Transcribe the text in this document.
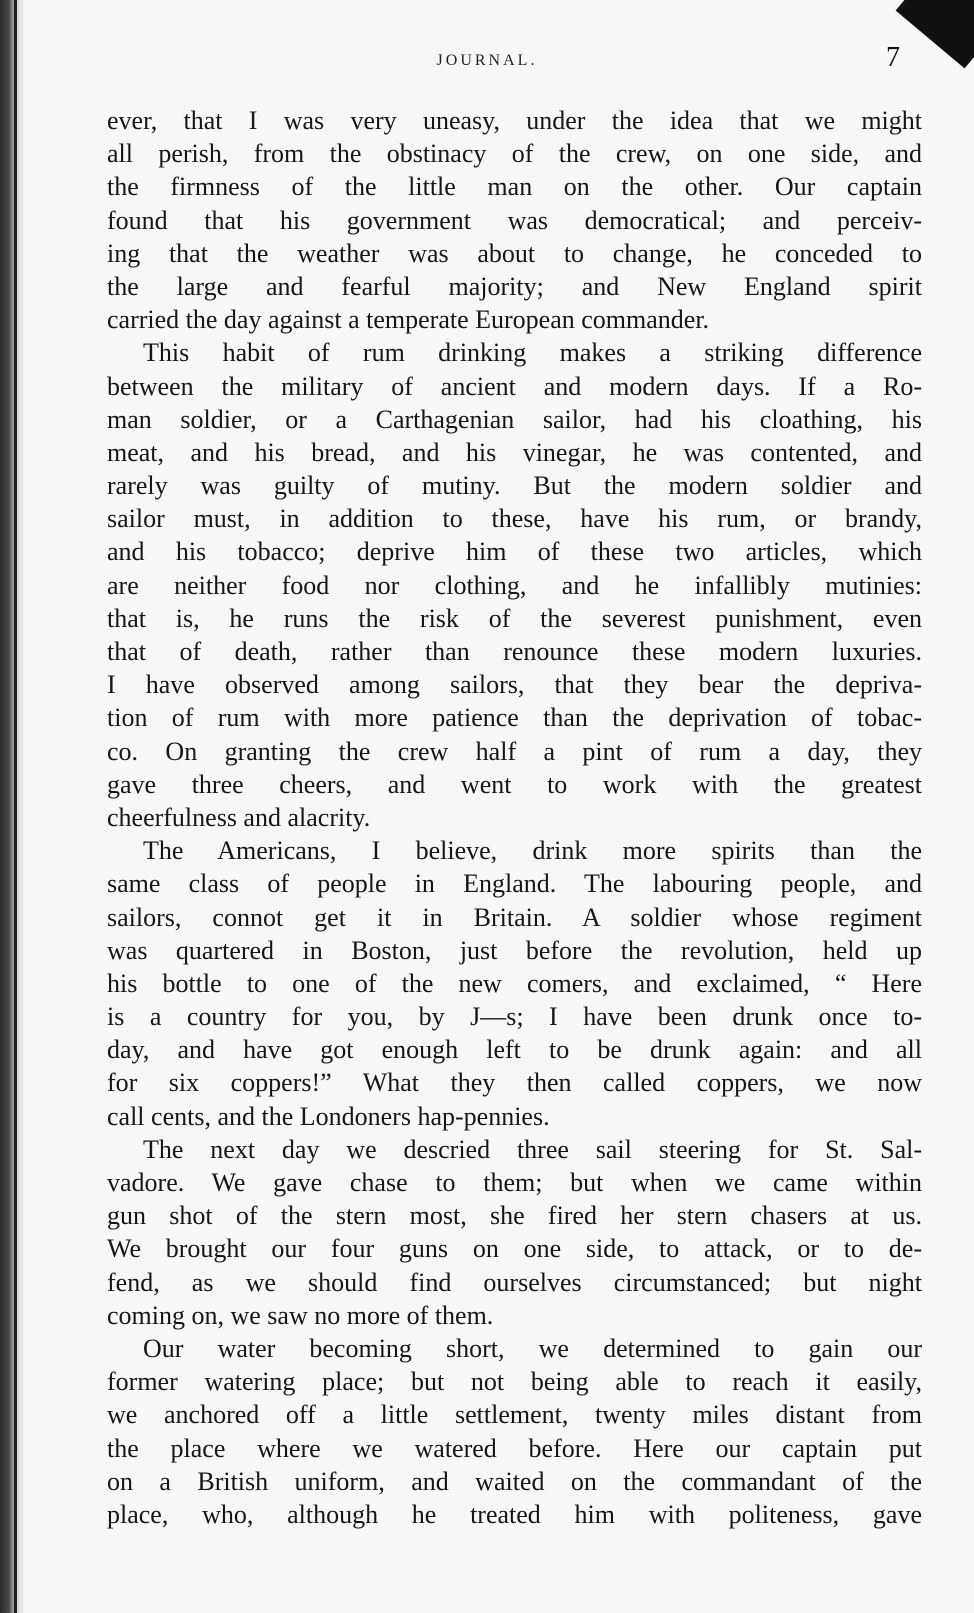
JOURNAL.	7
ever, that I was very uneasy, under the idea that we might
all perish, from the obstinacy of the crew, on one side, and
the firmness of the little man on the other. Our captain
found that his government was democratical; and perceiv-
ing that the weather was about to change, he conceded to
the large and fearful majority; and New England spirit
carried the day against a temperate European commander.
This habit of rum drinking makes a striking difference
between the military of ancient and modern days. If a Ro-
man soldier, or a Carthagenian sailor, had his cloathing, his
meat, and his bread, and his vinegar, he was contented, and
rarely was guilty of mutiny. But the modern soldier and
sailor must, in addition to these, have his rum, or brandy,
and his tobacco; deprive him of these two articles, which
are neither food nor clothing, and he infallibly mutinies:
that is, he runs the risk of the severest punishment, even
that of death, rather than renounce these modern luxuries.
I have observed among sailors, that they bear the depriva-
tion of rum with more patience than the deprivation of tobac-
co. On granting the crew half a pint of rum a day, they
gave three cheers, and went to work with the greatest
cheerfulness and alacrity.
The Americans, I believe, drink more spirits than the
same class of people in England. The labouring people, and
sailors, connot get it in Britain. A soldier whose regiment
was quartered in Boston, just before the revolution, held up
his bottle to one of the new comers, and exclaimed, “ Here
is a country for you, by J—s; I have been drunk once to-
day, and have got enough left to be drunk again: and all
for six coppers!” What they then called coppers, we now
call cents, and the Londoners hap-pennies.
The next day we descried three sail steering for St. Sal-
vadore. We gave chase to them; but when we came within
gun shot of the stern most, she fired her stern chasers at us.
We brought our four guns on one side, to attack, or to de-
fend, as we should find ourselves circumstanced; but night
coming on, we saw no more of them.
Our water becoming short, we determined to gain our
former watering place; but not being able to reach it easily,
we anchored off a little settlement, twenty miles distant from
the place where we watered before. Here our captain put
on a British uniform, and waited on the commandant of the
place, who, although he treated him with politeness, gave
